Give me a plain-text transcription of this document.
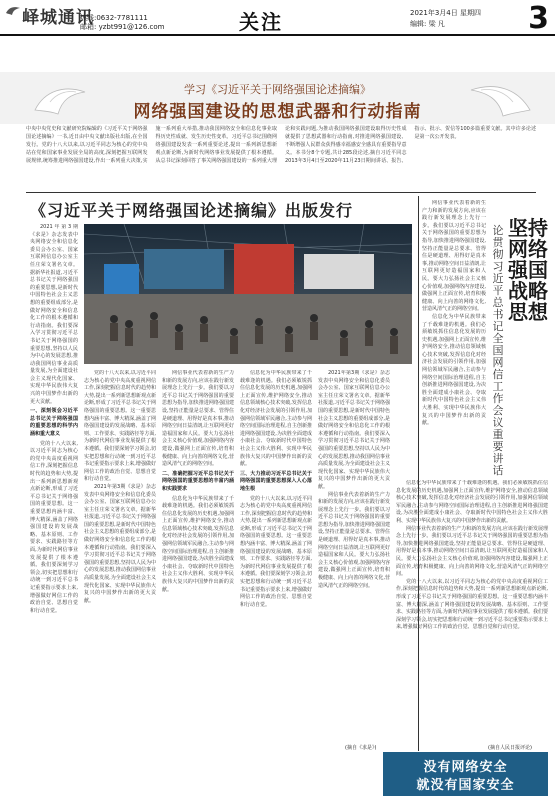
峄城通讯
热线:0632-7781111
邮箱: yzbt991@126.com	关注	2021年3月4日 星期四
编辑: 梁 凡	3
学习《习近平关于网络强国论述摘编》
网络强国建设的思想武器和行动指南
中央中央党史和文献研究院编辑的《习近平关于网络强国论述摘编》一书,近日由中央文献出版社出版,在全国发行。党的十八大以来,以习近平同志为核心的党中央站在党和国家事业发展全局的高度,深刻把握互联网发展规律,统筹推进网络强国建设,作出一系列重大决策,实施一系列重大举措,推动我国网络安全和信息化事业取得历史性成就、发生历史性变革。习近平总书记围绕网络强国建设发表一系列重要论述,提出一系列新思想新观点新论断,为新时代网络事业发展提供了根本遵循。从总书记深刻回答了事关网络强国建设的一系列重大理论和实践问题,为推动我国网络强国建设取得历史性成就提供了思想武器和行动指南,对推进网络强国建设、不断增强人民群众获得感幸福感安全感具有重要指导意义。本书分8个专题,共计285段论述,摘自习近平同志2013年3月4日至2020年11月23日期间讲话、报告、指示、批示、贺信等100多篇重要文献。其中许多论述是第一次公开发表。
《习近平关于网络强国论述摘编》出版发行

2021年第3期《求是》杂志发表中央网络安全和信息化委员会办公室、国家互联网信息办公室主任庄荣文署名文章。据新华社报道,习近平总书记关于网络强国的重要思想,是新时代中国特色社会主义思想的重要组成部分,是做好网络安全和信息化工作的根本遵循和行动指南。我们要深入学习贯彻习近平总书记关于网络强国的重要思想,坚持以人民为中心的发展思想,推动我国网信事业高质量发展,为全面建设社会主义现代化国家、实现中华民族伟大复兴的中国梦作出新的更大贡献。

一、深刻领会习近平总书记关于网络强国的重要思想的科学内涵和重大意义

党的十八大以来,以习近平同志为核心的党中央高度重视网信工作,深刻把握信息时代的趋势和大势,提出一系列新思想新观点新论断,形成了习近平总书记关于网络强国的重要思想。这一重要思想内涵丰富、博大精深,涵盖了网络强国建设的发展战略、基本原则、工作要求、实践路径等方面,为新时代网信事业发展提供了根本遵循。我们要深刻学习领会,切实把思想和行动统一到习近平总书记重要指示要求上来,增强做好网信工作的政治自觉、思想自觉和行动自觉。

党的十八大以来,以习近平同志为核心的党中央高度重视网信工作,深刻把握信息时代的趋势和大势,提出一系列新思想新观点新论断,形成了习近平总书记关于网络强国的重要思想。这一重要思想内涵丰富、博大精深,涵盖了网络强国建设的发展战略、基本原则、工作要求、实践路径等方面,为新时代网信事业发展提供了根本遵循。我们要深刻学习领会,切实把思想和行动统一到习近平总书记重要指示要求上来,增强做好网信工作的政治自觉、思想自觉和行动自觉。

2021年第3期《求是》杂志发表中央网络安全和信息化委员会办公室、国家互联网信息办公室主任庄荣文署名文章。据新华社报道,习近平总书记关于网络强国的重要思想,是新时代中国特色社会主义思想的重要组成部分,是做好网络安全和信息化工作的根本遵循和行动指南。我们要深入学习贯彻习近平总书记关于网络强国的重要思想,坚持以人民为中心的发展思想,推动我国网信事业高质量发展,为全面建设社会主义现代化国家、实现中华民族伟大复兴的中国梦作出新的更大贡献。

网信事业代表着新的生产力和新的发展方向,应该在践行新发展理念上先行一步。我们要以习近平总书记关于网络强国的重要思想为指导,加快推进网络强国建设,坚持正能量是总要求、管得住是硬道理、用得好是真本事,推动网络空间日益清朗,让互联网更好造福国家和人民。要大力弘扬社会主义核心价值观,加强网络内容建设,做强网上正面宣传,培育积极健康、向上向善的网络文化,营造风清气正的网络空间。

二、准确把握习近平总书记关于网络强国的重要思想的丰富内涵和实践要求

信息化为中华民族带来了千载难逢的机遇。我们必须敏锐抓住信息化发展的历史机遇,加强网上正面宣传,维护网络安全,推动信息领域核心技术突破,发挥信息化对经济社会发展的引领作用,加强网信领域军民融合,主动参与网络空间国际治理进程,自主创新推进网络强国建设,为决胜全面建成小康社会、夺取新时代中国特色社会主义伟大胜利、实现中华民族伟大复兴的中国梦作出新的贡献。

信息化为中华民族带来了千载难逢的机遇。我们必须敏锐抓住信息化发展的历史机遇,加强网上正面宣传,维护网络安全,推动信息领域核心技术突破,发挥信息化对经济社会发展的引领作用,加强网信领域军民融合,主动参与网络空间国际治理进程,自主创新推进网络强国建设,为决胜全面建成小康社会、夺取新时代中国特色社会主义伟大胜利、实现中华民族伟大复兴的中国梦作出新的贡献。

三、大力推动习近平总书记关于网络强国的重要思想深入人心落地生根

党的十八大以来,以习近平同志为核心的党中央高度重视网信工作,深刻把握信息时代的趋势和大势,提出一系列新思想新观点新论断,形成了习近平总书记关于网络强国的重要思想。这一重要思想内涵丰富、博大精深,涵盖了网络强国建设的发展战略、基本原则、工作要求、实践路径等方面,为新时代网信事业发展提供了根本遵循。我们要深刻学习领会,切实把思想和行动统一到习近平总书记重要指示要求上来,增强做好网信工作的政治自觉、思想自觉和行动自觉。

2021年第3期《求是》杂志发表中央网络安全和信息化委员会办公室、国家互联网信息办公室主任庄荣文署名文章。据新华社报道,习近平总书记关于网络强国的重要思想,是新时代中国特色社会主义思想的重要组成部分,是做好网络安全和信息化工作的根本遵循和行动指南。我们要深入学习贯彻习近平总书记关于网络强国的重要思想,坚持以人民为中心的发展思想,推动我国网信事业高质量发展,为全面建设社会主义现代化国家、实现中华民族伟大复兴的中国梦作出新的更大贡献。

网信事业代表着新的生产力和新的发展方向,应该在践行新发展理念上先行一步。我们要以习近平总书记关于网络强国的重要思想为指导,加快推进网络强国建设,坚持正能量是总要求、管得住是硬道理、用得好是真本事,推动网络空间日益清朗,让互联网更好造福国家和人民。要大力弘扬社会主义核心价值观,加强网络内容建设,做强网上正面宣传,培育积极健康、向上向善的网络文化,营造风清气正的网络空间。

(摘自《求是》)

网信事业代表着新的生产力和新的发展方向,应该在践行新发展理念上先行一步。我们要以习近平总书记关于网络强国的重要思想为指导,加快推进网络强国建设,坚持正能量是总要求、管得住是硬道理、用得好是真本事,推动网络空间日益清朗,让互联网更好造福国家和人民。要大力弘扬社会主义核心价值观,加强网络内容建设,做强网上正面宣传,培育积极健康、向上向善的网络文化,营造风清气正的网络空间。

信息化为中华民族带来了千载难逢的机遇。我们必须敏锐抓住信息化发展的历史机遇,加强网上正面宣传,维护网络安全,推动信息领域核心技术突破,发挥信息化对经济社会发展的引领作用,加强网信领域军民融合,主动参与网络空间国际治理进程,自主创新推进网络强国建设,为决胜全面建成小康社会、夺取新时代中国特色社会主义伟大胜利、实现中华民族伟大复兴的中国梦作出新的贡献。

论贯彻习近平总书记全国网信工作会议重要讲话
坚持网络强国战略思想

信息化为中华民族带来了千载难逢的机遇。我们必须敏锐抓住信息化发展的历史机遇,加强网上正面宣传,维护网络安全,推动信息领域核心技术突破,发挥信息化对经济社会发展的引领作用,加强网信领域军民融合,主动参与网络空间国际治理进程,自主创新推进网络强国建设,为决胜全面建成小康社会、夺取新时代中国特色社会主义伟大胜利、实现中华民族伟大复兴的中国梦作出新的贡献。

网信事业代表着新的生产力和新的发展方向,应该在践行新发展理念上先行一步。我们要以习近平总书记关于网络强国的重要思想为指导,加快推进网络强国建设,坚持正能量是总要求、管得住是硬道理、用得好是真本事,推动网络空间日益清朗,让互联网更好造福国家和人民。要大力弘扬社会主义核心价值观,加强网络内容建设,做强网上正面宣传,培育积极健康、向上向善的网络文化,营造风清气正的网络空间。

党的十八大以来,以习近平同志为核心的党中央高度重视网信工作,深刻把握信息时代的趋势和大势,提出一系列新思想新观点新论断,形成了习近平总书记关于网络强国的重要思想。这一重要思想内涵丰富、博大精深,涵盖了网络强国建设的发展战略、基本原则、工作要求、实践路径等方面,为新时代网信事业发展提供了根本遵循。我们要深刻学习领会,切实把思想和行动统一到习近平总书记重要指示要求上来,增强做好网信工作的政治自觉、思想自觉和行动自觉。

(摘自人民日报评论)
没有网络安全
就没有国家安全
